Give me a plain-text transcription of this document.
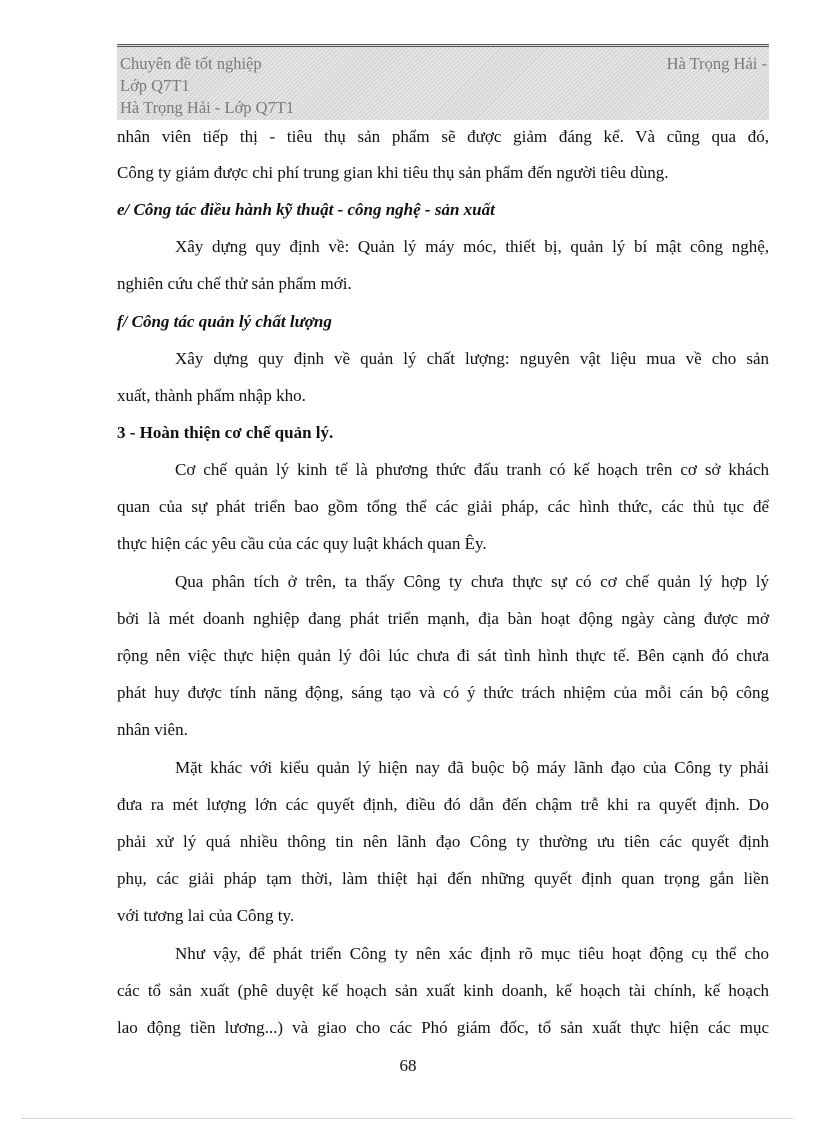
Chuyên đề tốt nghiệp	Hà Trọng Hải -
Lớp Q7T1
Hà Trọng Hải - Lớp Q7T1
nhân viên tiếp thị - tiêu thụ sản phẩm sẽ được giảm đáng kể. Và cũng qua đó,
Công ty giảm được chi phí trung gian khi tiêu thụ sản phẩm đến người tiêu dùng.
e/ Công tác điều hành kỹ thuật - công nghệ - sản xuất
Xây dựng quy định về: Quản lý máy móc, thiết bị, quản lý bí mật công nghệ,
nghiên cứu chế thử sản phẩm mới.
f/ Công tác quản lý chất lượng
Xây dựng quy định về quản lý chất lượng: nguyên vật liệu mua về cho sản
xuất, thành phẩm nhập kho.
3 - Hoàn thiện cơ chế quản lý.
Cơ chế quản lý kinh tế là phương thức đấu tranh có kế hoạch trên cơ sở khách
quan của sự phát triển bao gồm tổng thể các giải pháp, các hình thức, các thủ tục để
thực hiện các yêu cầu của các quy luật khách quan Êy.
Qua phân tích ở trên, ta thấy Công ty chưa thực sự có cơ chế quản lý hợp lý
bởi là mét doanh nghiệp đang phát triển mạnh, địa bàn hoạt động ngày càng được mở
rộng nên việc thực hiện quản lý đôi lúc chưa đi sát tình hình thực tế. Bên cạnh đó chưa
phát huy được tính năng động, sáng tạo và có ý thức trách nhiệm của mỗi cán bộ công
nhân viên.
Mặt khác với kiểu quản lý hiện nay đã buộc bộ máy lãnh đạo của Công ty phải
đưa ra mét lượng lớn các quyết định, điều đó dẫn đến chậm trễ khi ra quyết định. Do
phải xử lý quá nhiều thông tin nên lãnh đạo Công ty thường ưu tiên các quyết định
phụ, các giải pháp tạm thời, làm thiệt hại đến những quyết định quan trọng gắn liền
với tương lai của Công ty.
Như vậy, để phát triển Công ty nên xác định rõ mục tiêu hoạt động cụ thể cho
các tổ sản xuất (phê duyệt kế hoạch sản xuất kinh doanh, kế hoạch tài chính, kế hoạch
lao động tiền lương...) và giao cho các Phó giám đốc, tổ sản xuất thực hiện các mục
68
